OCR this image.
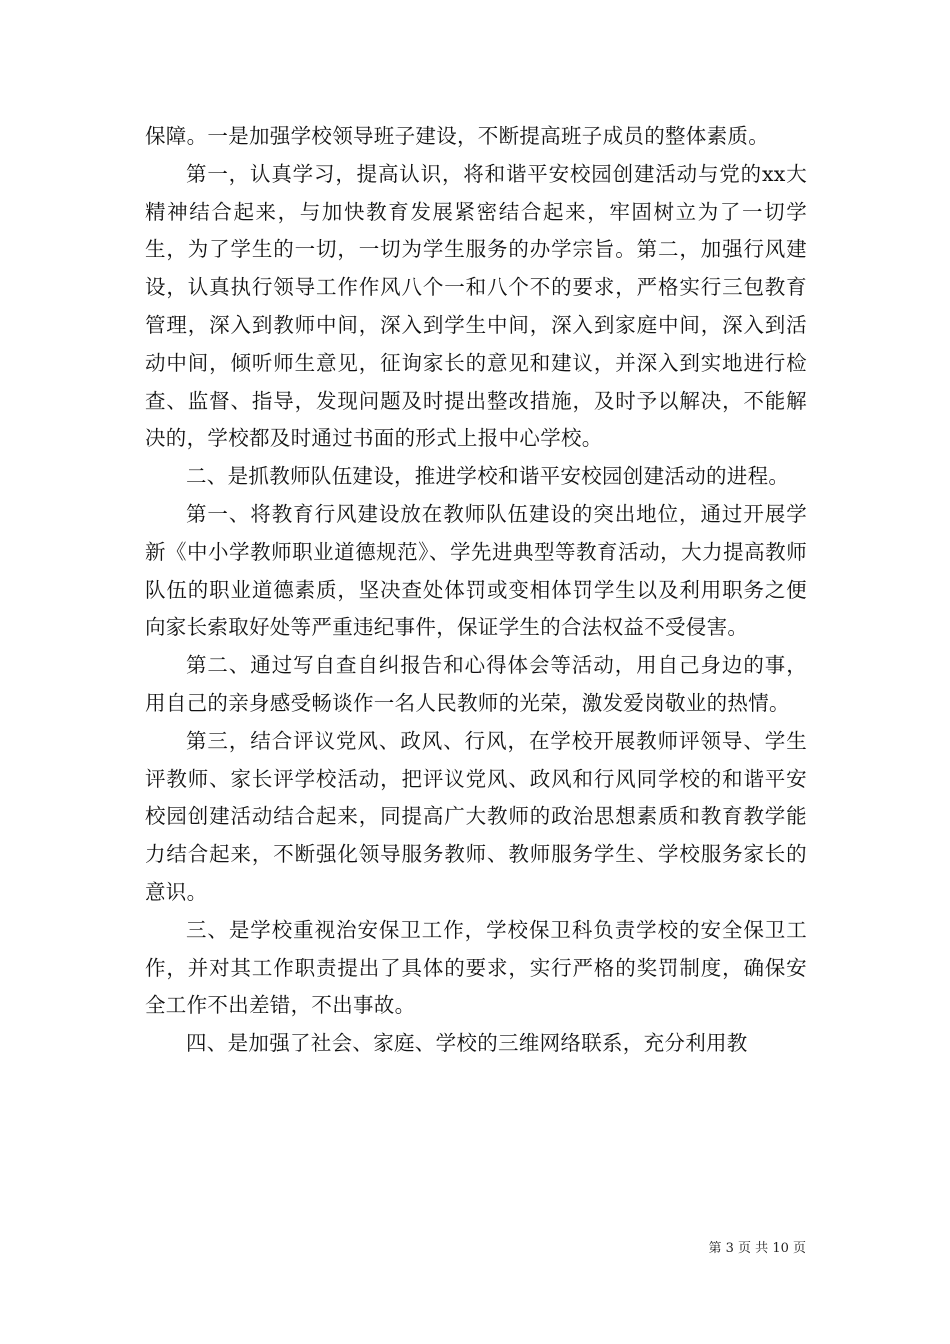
保障。一是加强学校领导班子建设，不断提高班子成员的整体素质。

第一，认真学习，提高认识，将和谐平安校园创建活动与党的xx大精神结合起来，与加快教育发展紧密结合起来，牢固树立为了一切学生，为了学生的一切，一切为学生服务的办学宗旨。第二，加强行风建设，认真执行领导工作作风八个一和八个不的要求，严格实行三包教育管理，深入到教师中间，深入到学生中间，深入到家庭中间，深入到活动中间，倾听师生意见，征询家长的意见和建议，并深入到实地进行检查、监督、指导，发现问题及时提出整改措施，及时予以解决，不能解决的，学校都及时通过书面的形式上报中心学校。

二、是抓教师队伍建设，推进学校和谐平安校园创建活动的进程。

第一、将教育行风建设放在教师队伍建设的突出地位，通过开展学新《中小学教师职业道德规范》、学先进典型等教育活动，大力提高教师队伍的职业道德素质，坚决查处体罚或变相体罚学生以及利用职务之便向家长索取好处等严重违纪事件，保证学生的合法权益不受侵害。

第二、通过写自查自纠报告和心得体会等活动，用自己身边的事，用自己的亲身感受畅谈作一名人民教师的光荣，激发爱岗敬业的热情。

第三，结合评议党风、政风、行风，在学校开展教师评领导、学生评教师、家长评学校活动，把评议党风、政风和行风同学校的和谐平安校园创建活动结合起来，同提高广大教师的政治思想素质和教育教学能力结合起来，不断强化领导服务教师、教师服务学生、学校服务家长的意识。

三、是学校重视治安保卫工作，学校保卫科负责学校的安全保卫工作，并对其工作职责提出了具体的要求，实行严格的奖罚制度，确保安全工作不出差错，不出事故。

四、是加强了社会、家庭、学校的三维网络联系，充分利用教

第 3 页 共 10 页
